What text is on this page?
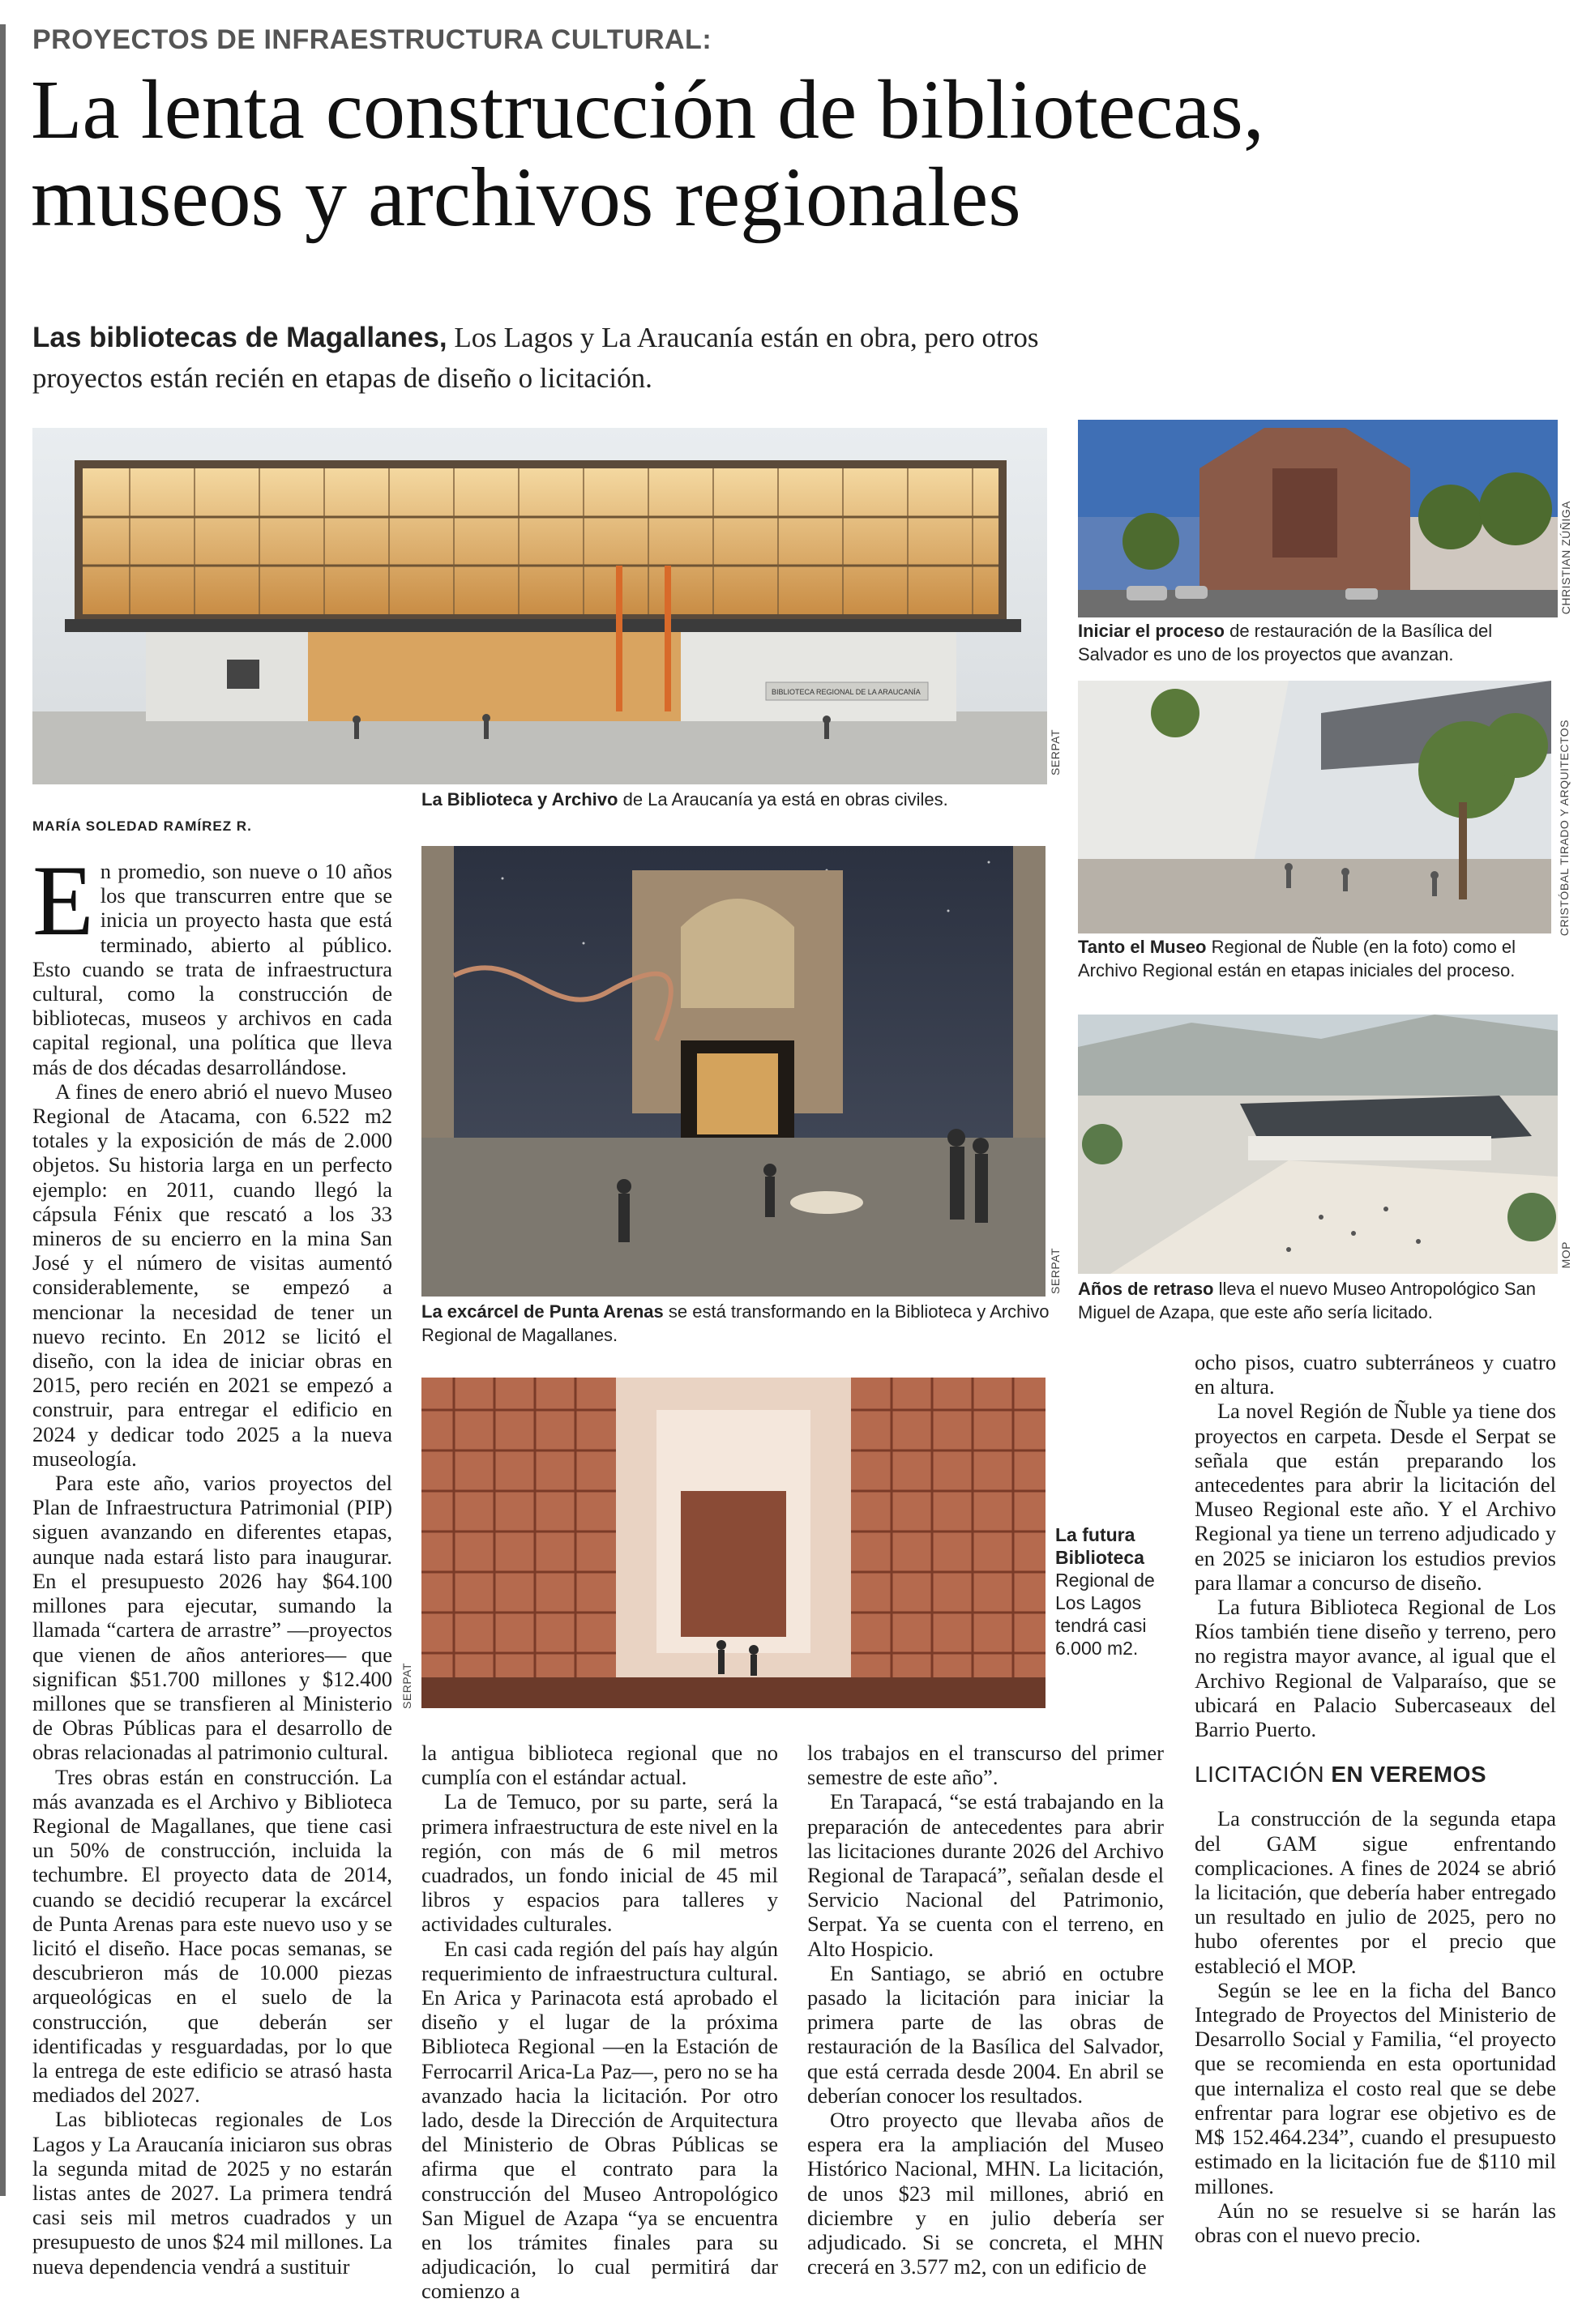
PROYECTOS DE INFRAESTRUCTURA CULTURAL:
La lenta construcción de bibliotecas,
museos y archivos regionales
Las bibliotecas de Magallanes, Los Lagos y La Araucanía están en obra, pero otros proyectos están recién en etapas de diseño o licitación.
BIBLIOTECA REGIONAL DE LA ARAUCANÍA
SERPAT
La Biblioteca y Archivo de La Araucanía ya está en obras civiles.
CHRISTIAN ZÚÑIGA
Iniciar el proceso de restauración de la Basílica del Salvador es uno de los proyectos que avanzan.
CRISTÓBAL TIRADO Y ARQUITECTOS
Tanto el Museo Regional de Ñuble (en la foto) como el Archivo Regional están en etapas iniciales del proceso.
MOP
Años de retraso lleva el nuevo Museo Antropológico San Miguel de Azapa, que este año sería licitado.
SERPAT
La excárcel de Punta Arenas se está transformando en la Biblioteca y Archivo Regional de Magallanes.
SERPAT
La futura Biblioteca Regional de Los Lagos tendrá casi 6.000 m2.
MARÍA SOLEDAD RAMÍREZ R.

En promedio, son nueve o 10 años los que transcurren entre que se inicia un proyecto hasta que está terminado, abierto al público. Esto cuando se trata de infraestructura cultural, como la construcción de bibliotecas, museos y archivos en cada capital regional, una política que lleva más de dos décadas desarrollándose.

A fines de enero abrió el nuevo Museo Regional de Atacama, con 6.522 m2 totales y la exposición de más de 2.000 objetos. Su historia larga en un perfecto ejemplo: en 2011, cuando llegó la cápsula Fénix que rescató a los 33 mineros de su encierro en la mina San José y el número de visitas aumentó considerablemente, se empezó a mencionar la necesidad de tener un nuevo recinto. En 2012 se licitó el diseño, con la idea de iniciar obras en 2015, pero recién en 2021 se empezó a construir, para entregar el edificio en 2024 y dedicar todo 2025 a la nueva museología.

Para este año, varios proyectos del Plan de Infraestructura Patrimonial (PIP) siguen avanzando en diferentes etapas, aunque nada estará listo para inaugurar. En el presupuesto 2026 hay $64.100 millones para ejecutar, sumando la llamada “cartera de arrastre” —proyectos que vienen de años anteriores— que significan $51.700 millones y $12.400 millones que se transfieren al Ministerio de Obras Públicas para el desarrollo de obras relacionadas al patrimonio cultural.

Tres obras están en construcción. La más avanzada es el Archivo y Biblioteca Regional de Magallanes, que tiene casi un 50% de construcción, incluida la techumbre. El proyecto data de 2014, cuando se decidió recuperar la excárcel de Punta Arenas para este nuevo uso y se licitó el diseño. Hace pocas semanas, se descubrieron más de 10.000 piezas arqueológicas en el suelo de la construcción, que deberán ser identificadas y resguardadas, por lo que la entrega de este edificio se atrasó hasta mediados del 2027.

Las bibliotecas regionales de Los Lagos y La Araucanía iniciaron sus obras la segunda mitad de 2025 y no estarán listas antes de 2027. La primera tendrá casi seis mil metros cuadrados y un presupuesto de unos $24 mil millones. La nueva dependencia vendrá a sustituir

la antigua biblioteca regional que no cumplía con el estándar actual.

La de Temuco, por su parte, será la primera infraestructura de este nivel en la región, con más de 6 mil metros cuadrados, un fondo inicial de 45 mil libros y espacios para talleres y actividades culturales.

En casi cada región del país hay algún requerimiento de infraestructura cultural. En Arica y Parinacota está aprobado el diseño y el lugar de la próxima Biblioteca Regional —en la Estación de Ferrocarril Arica-La Paz—, pero no se ha avanzado hacia la licitación. Por otro lado, desde la Dirección de Arquitectura del Ministerio de Obras Públicas se afirma que el contrato para la construcción del Museo Antropológico San Miguel de Azapa “ya se encuentra en los trámites finales para su adjudicación, lo cual permitirá dar comienzo a

los trabajos en el transcurso del primer semestre de este año”.

En Tarapacá, “se está trabajando en la preparación de antecedentes para abrir las licitaciones durante 2026 del Archivo Regional de Tarapacá”, señalan desde el Servicio Nacional del Patrimonio, Serpat. Ya se cuenta con el terreno, en Alto Hospicio.

En Santiago, se abrió en octubre pasado la licitación para iniciar la primera parte de las obras de restauración de la Basílica del Salvador, que está cerrada desde 2004. En abril se deberían conocer los resultados.

Otro proyecto que llevaba años de espera era la ampliación del Museo Histórico Nacional, MHN. La licitación, de unos $23 mil millones, abrió en diciembre y en julio debería ser adjudicado. Si se concreta, el MHN crecerá en 3.577 m2, con un edificio de

ocho pisos, cuatro subterráneos y cuatro en altura.

La novel Región de Ñuble ya tiene dos proyectos en carpeta. Desde el Serpat se señala que están preparando los antecedentes para abrir la licitación del Museo Regional este año. Y el Archivo Regional ya tiene un terreno adjudicado y en 2025 se iniciaron los estudios previos para llamar a concurso de diseño.

La futura Biblioteca Regional de Los Ríos también tiene diseño y terreno, pero no registra mayor avance, al igual que el Archivo Regional de Valparaíso, que se ubicará en Palacio Subercaseaux del Barrio Puerto.

LICITACIÓN EN VEREMOS

La construcción de la segunda etapa del GAM sigue enfrentando complicaciones. A fines de 2024 se abrió la licitación, que debería haber entregado un resultado en julio de 2025, pero no hubo oferentes por el precio que estableció el MOP.

Según se lee en la ficha del Banco Integrado de Proyectos del Ministerio de Desarrollo Social y Familia, “el proyecto que se recomienda en esta oportunidad que internaliza el costo real que se debe enfrentar para lograr ese objetivo es de M$ 152.464.234”, cuando el presupuesto estimado en la licitación fue de $110 mil millones.

Aún no se resuelve si se harán las obras con el nuevo precio.
